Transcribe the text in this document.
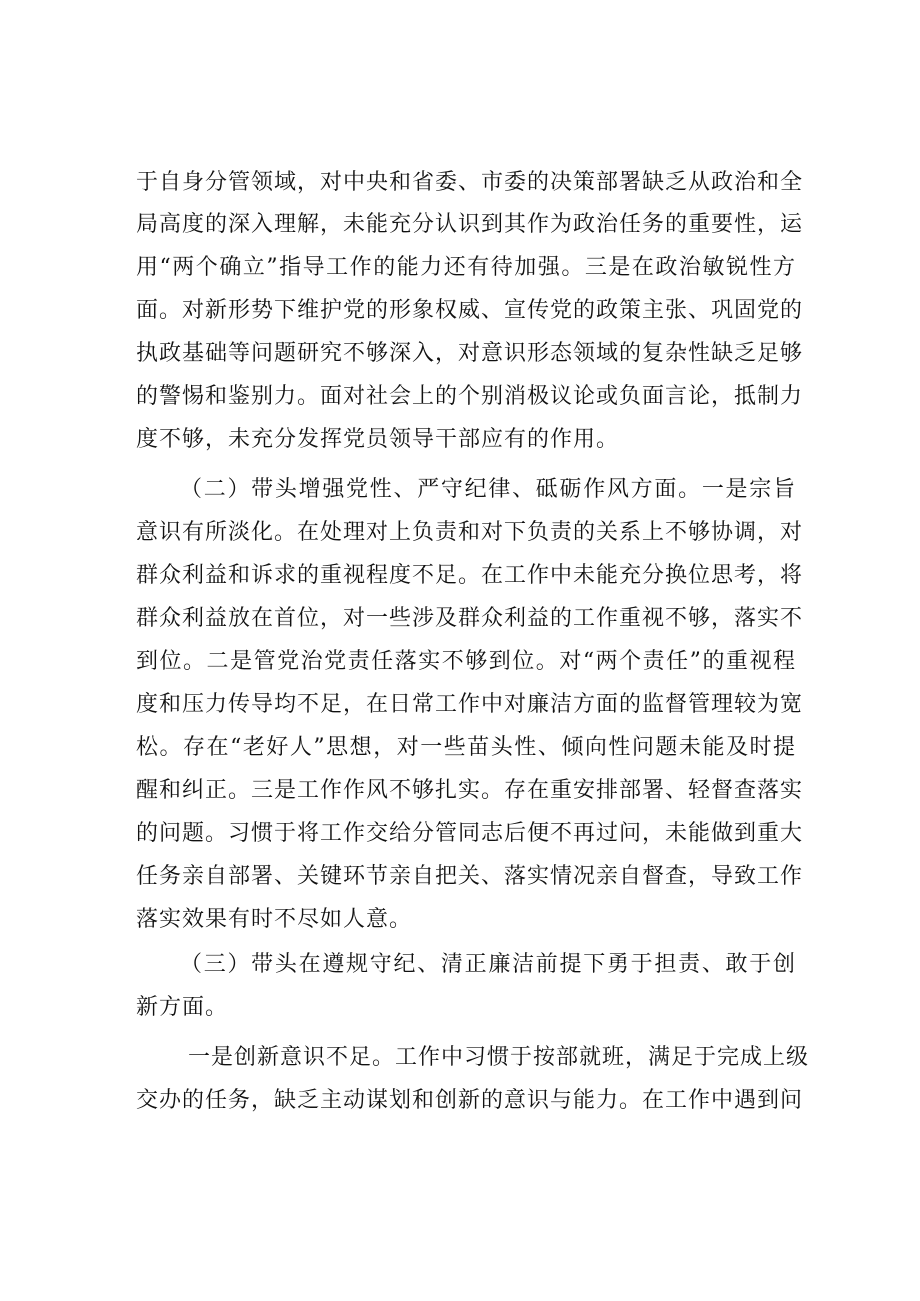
于自身分管领域，对中央和省委、市委的决策部署缺乏从政治和全
局高度的深入理解，未能充分认识到其作为政治任务的重要性，运
用“两个确立”指导工作的能力还有待加强。三是在政治敏锐性方
面。对新形势下维护党的形象权威、宣传党的政策主张、巩固党的
执政基础等问题研究不够深入，对意识形态领域的复杂性缺乏足够
的警惕和鉴别力。面对社会上的个别消极议论或负面言论，抵制力
度不够，未充分发挥党员领导干部应有的作用。
（二）带头增强党性、严守纪律、砥砺作风方面。一是宗旨
意识有所淡化。在处理对上负责和对下负责的关系上不够协调，对
群众利益和诉求的重视程度不足。在工作中未能充分换位思考，将
群众利益放在首位，对一些涉及群众利益的工作重视不够，落实不
到位。二是管党治党责任落实不够到位。对“两个责任”的重视程
度和压力传导均不足，在日常工作中对廉洁方面的监督管理较为宽
松。存在“老好人”思想，对一些苗头性、倾向性问题未能及时提
醒和纠正。三是工作作风不够扎实。存在重安排部署、轻督查落实
的问题。习惯于将工作交给分管同志后便不再过问，未能做到重大
任务亲自部署、关键环节亲自把关、落实情况亲自督查，导致工作
落实效果有时不尽如人意。
（三）带头在遵规守纪、清正廉洁前提下勇于担责、敢于创
新方面。
一是创新意识不足。工作中习惯于按部就班，满足于完成上级
交办的任务，缺乏主动谋划和创新的意识与能力。在工作中遇到问
